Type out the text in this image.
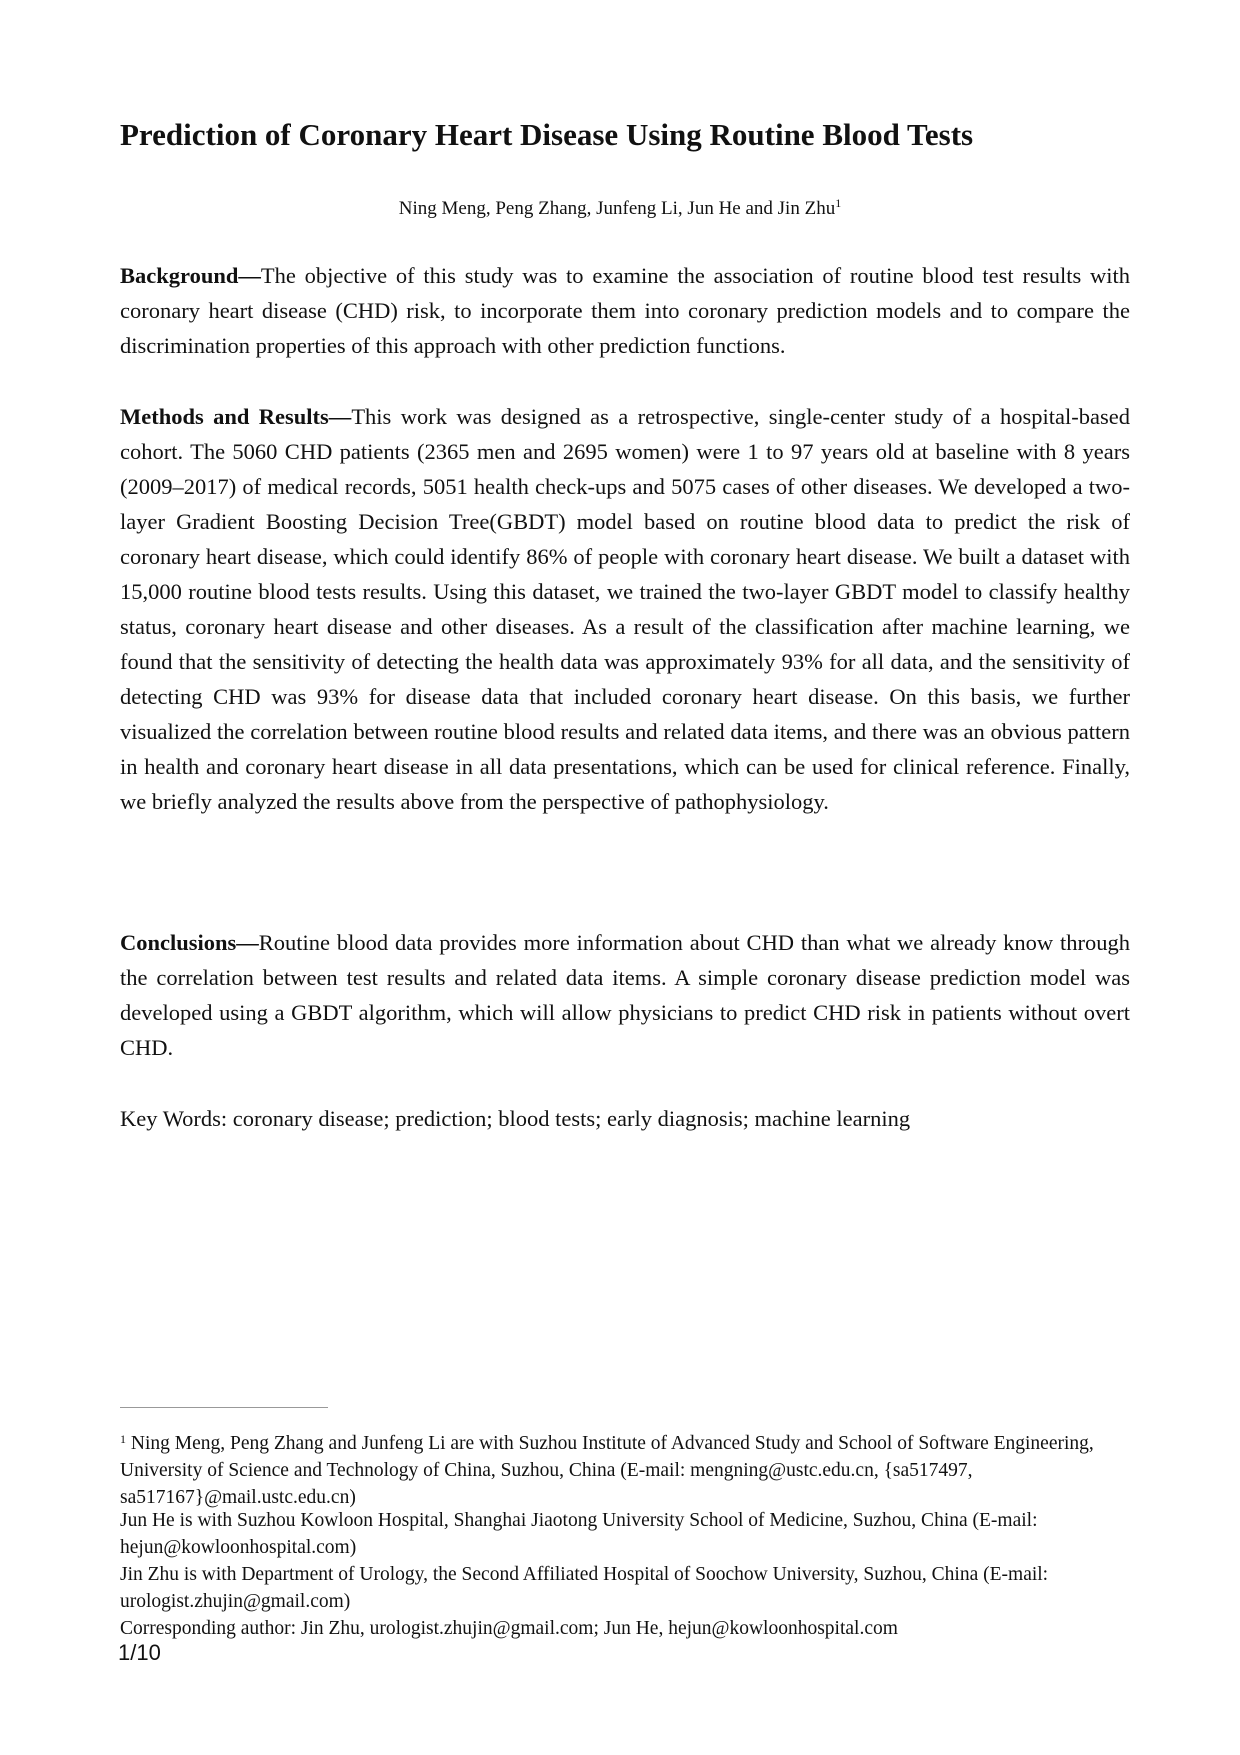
Prediction of Coronary Heart Disease Using Routine Blood Tests
Ning Meng, Peng Zhang, Junfeng Li, Jun He and Jin Zhu$^1$
Background—The objective of this study was to examine the association of routine blood test results with coronary heart disease (CHD) risk, to incorporate them into coronary prediction models and to compare the discrimination properties of this approach with other prediction functions.
Methods and Results—This work was designed as a retrospective, single-center study of a hospital-based cohort. The 5060 CHD patients (2365 men and 2695 women) were 1 to 97 years old at baseline with 8 years (2009–2017) of medical records, 5051 health check-ups and 5075 cases of other diseases. We developed a two-layer Gradient Boosting Decision Tree(GBDT) model based on routine blood data to predict the risk of coronary heart disease, which could identify 86% of people with coronary heart disease. We built a dataset with 15,000 routine blood tests results. Using this dataset, we trained the two-layer GBDT model to classify healthy status, coronary heart disease and other diseases. As a result of the classification after machine learning, we found that the sensitivity of detecting the health data was approximately 93% for all data, and the sensitivity of detecting CHD was 93% for disease data that included coronary heart disease. On this basis, we further visualized the correlation between routine blood results and related data items, and there was an obvious pattern in health and coronary heart disease in all data presentations, which can be used for clinical reference. Finally, we briefly analyzed the results above from the perspective of pathophysiology.
Conclusions—Routine blood data provides more information about CHD than what we already know through the correlation between test results and related data items. A simple coronary disease prediction model was developed using a GBDT algorithm, which will allow physicians to predict CHD risk in patients without overt CHD.
Key Words: coronary disease; prediction; blood tests; early diagnosis; machine learning
$^1$ Ning Meng, Peng Zhang and Junfeng Li are with Suzhou Institute of Advanced Study and School of Software Engineering, University of Science and Technology of China, Suzhou, China (E-mail: mengning@ustc.edu.cn, {sa517497, sa517167}@mail.ustc.edu.cn)
Jun He is with Suzhou Kowloon Hospital, Shanghai Jiaotong University School of Medicine, Suzhou, China (E-mail: hejun@kowloonhospital.com)
Jin Zhu is with Department of Urology, the Second Affiliated Hospital of Soochow University, Suzhou, China (E-mail: urologist.zhujin@gmail.com)
Corresponding author: Jin Zhu, urologist.zhujin@gmail.com; Jun He, hejun@kowloonhospital.com
1/10
